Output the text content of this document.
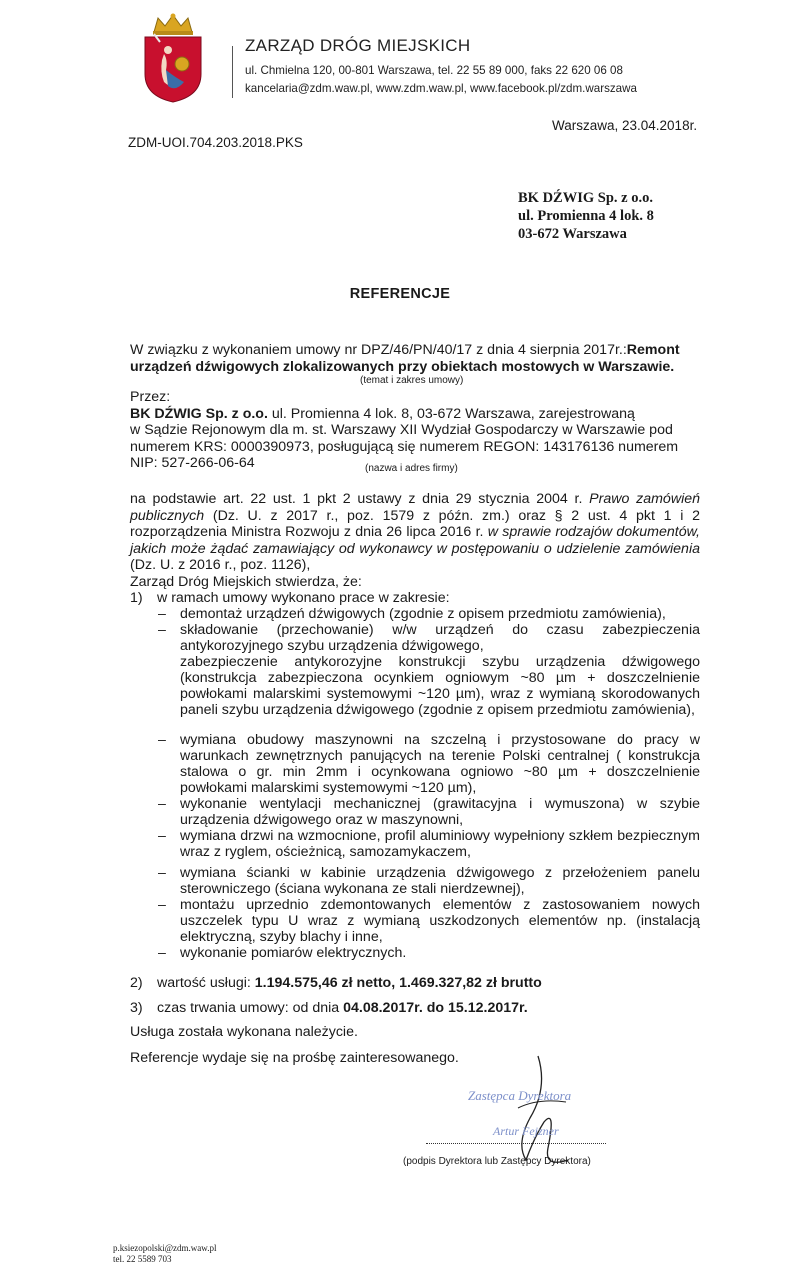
ZARZĄD DRÓG MIEJSKICH
ul. Chmielna 120, 00-801 Warszawa, tel. 22 55 89 000, faks 22 620 06 08
kancelaria@zdm.waw.pl, www.zdm.waw.pl, www.facebook.pl/zdm.warszawa
Warszawa, 23.04.2018r.
ZDM-UOI.704.203.2018.PKS
BK DŹWIG Sp. z o.o.
ul. Promienna 4 lok. 8
03-672 Warszawa
REFERENCJE
W związku z wykonaniem umowy nr DPZ/46/PN/40/17 z dnia 4 sierpnia 2017r.:Remont
urządzeń dźwigowych zlokalizowanych przy obiektach mostowych w Warszawie.
(temat i zakres umowy)
Przez:
BK DŹWIG Sp. z o.o. ul. Promienna 4 lok. 8, 03-672 Warszawa, zarejestrowaną
w Sądzie Rejonowym dla m. st. Warszawy XII Wydział Gospodarczy w Warszawie pod
numerem KRS: 0000390973, posługującą się numerem REGON: 143176136 numerem
NIP: 527-266-06-64	(nazwa i adres firmy)
na podstawie art. 22 ust. 1 pkt 2 ustawy z dnia 29 stycznia 2004 r. Prawo zamówień publicznych (Dz. U. z 2017 r., poz. 1579 z późn. zm.) oraz § 2 ust. 4 pkt 1 i 2 rozporządzenia Ministra Rozwoju z dnia 26 lipca 2016 r. w sprawie rodzajów dokumentów, jakich może żądać zamawiający od wykonawcy w postępowaniu o udzielenie zamówienia (Dz. U. z 2016 r., poz. 1126),
Zarząd Dróg Miejskich stwierdza, że:
1) w ramach umowy wykonano prace w zakresie:
– demontaż urządzeń dźwigowych (zgodnie z opisem przedmiotu zamówienia),
– składowanie (przechowanie) w/w urządzeń do czasu zabezpieczenia antykorozyjnego szybu urządzenia dźwigowego,
zabezpieczenie antykorozyjne konstrukcji szybu urządzenia dźwigowego (konstrukcja zabezpieczona ocynkiem ogniowym ~80 µm + doszczelnienie powłokami malarskimi systemowymi ~120 µm), wraz z wymianą skorodowanych paneli szybu urządzenia dźwigowego (zgodnie z opisem przedmiotu zamówienia),
– wymiana obudowy maszynowni na szczelną i przystosowane do pracy w warunkach zewnętrznych panujących na terenie Polski centralnej ( konstrukcja stalowa o gr. min 2mm i ocynkowana ogniowo ~80 µm + doszczelnienie powłokami malarskimi systemowymi ~120 µm),
– wykonanie wentylacji mechanicznej (grawitacyjna i wymuszona) w szybie urządzenia dźwigowego oraz w maszynowni,
– wymiana drzwi na wzmocnione, profil aluminiowy wypełniony szkłem bezpiecznym wraz z ryglem, ościeżnicą, samozamykaczem,
– wymiana ścianki w kabinie urządzenia dźwigowego z przełożeniem panelu sterowniczego (ściana wykonana ze stali nierdzewnej),
– montażu uprzednio zdemontowanych elementów z zastosowaniem nowych uszczelek typu U wraz z wymianą uszkodzonych elementów np. (instalacją elektryczną, szyby blachy i inne,
– wykonanie pomiarów elektrycznych.
2) wartość usługi: 1.194.575,46 zł netto, 1.469.327,82 zł brutto
3) czas trwania umowy: od dnia 04.08.2017r. do 15.12.2017r.
Usługa została wykonana należycie.
Referencje wydaje się na prośbę zainteresowanego.
Zastępca Dyrektora
Artur Fejzner
(podpis Dyrektora lub Zastępcy Dyrektora)
p.ksiezopolski@zdm.waw.pl
tel. 22 5589 703
